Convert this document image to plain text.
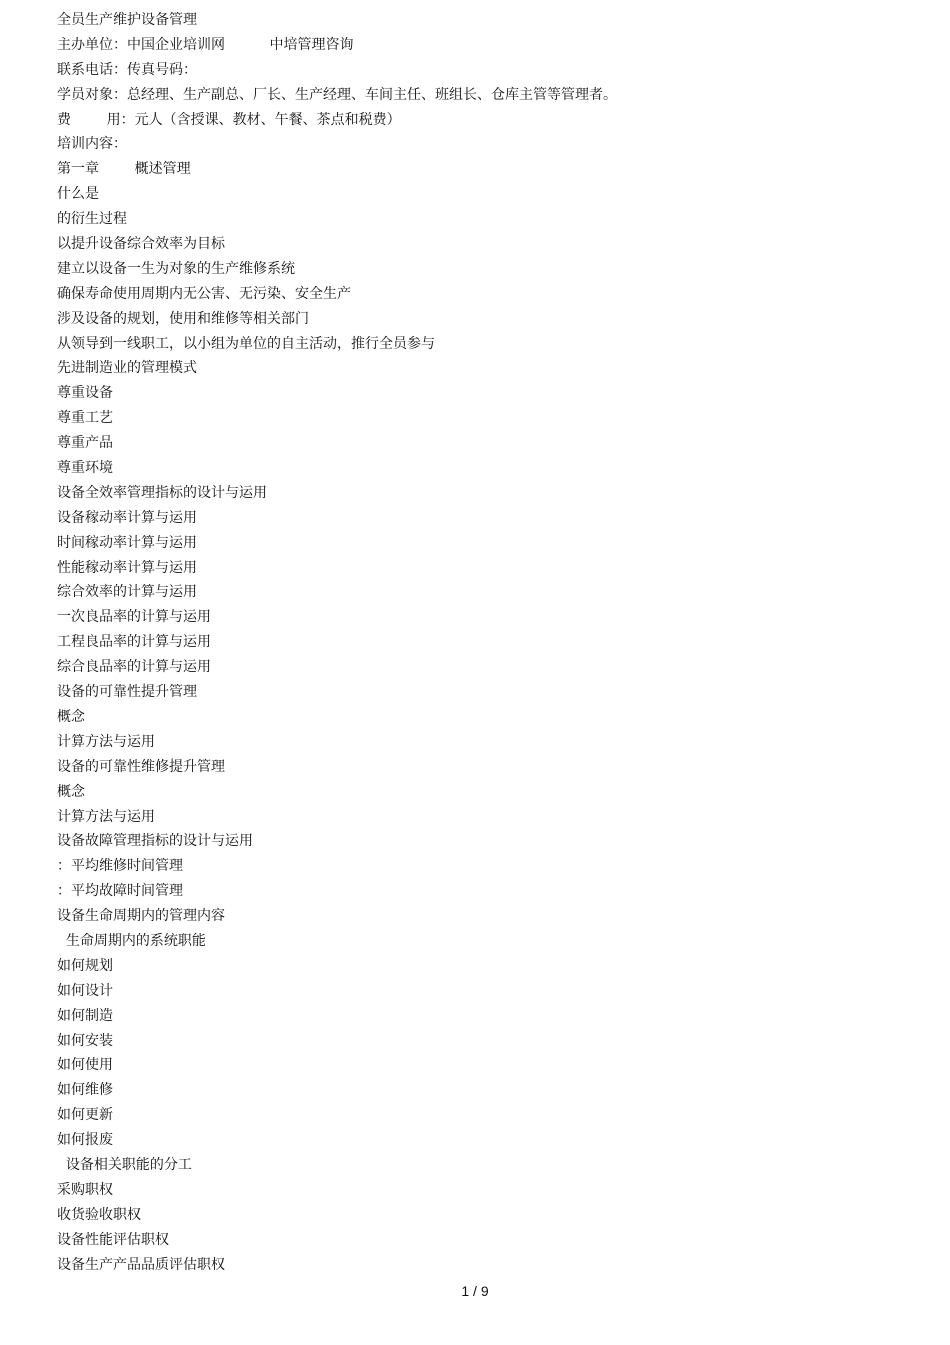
全员生产维护设备管理
主办单位：中国企业培训网          中培管理咨询
联系电话：传真号码：
学员对象：总经理、生产副总、厂长、生产经理、车间主任、班组长、仓库主管等管理者。
费        用：元人（含授课、教材、午餐、茶点和税费）
培训内容：
第一章        概述管理
什么是
的衍生过程
以提升设备综合效率为目标
建立以设备一生为对象的生产维修系统
确保寿命使用周期内无公害、无污染、安全生产
涉及设备的规划，使用和维修等相关部门
从领导到一线职工，以小组为单位的自主活动，推行全员参与
先进制造业的管理模式
尊重设备
尊重工艺
尊重产品
尊重环境
设备全效率管理指标的设计与运用
设备稼动率计算与运用
时间稼动率计算与运用
性能稼动率计算与运用
综合效率的计算与运用
一次良品率的计算与运用
工程良品率的计算与运用
综合良品率的计算与运用
设备的可靠性提升管理
概念
计算方法与运用
设备的可靠性维修提升管理
概念
计算方法与运用
设备故障管理指标的设计与运用
：平均维修时间管理
：平均故障时间管理
设备生命周期内的管理内容
生命周期内的系统职能
如何规划
如何设计
如何制造
如何安装
如何使用
如何维修
如何更新
如何报废
设备相关职能的分工
采购职权
收货验收职权
设备性能评估职权
设备生产产品品质评估职权
1 / 9
